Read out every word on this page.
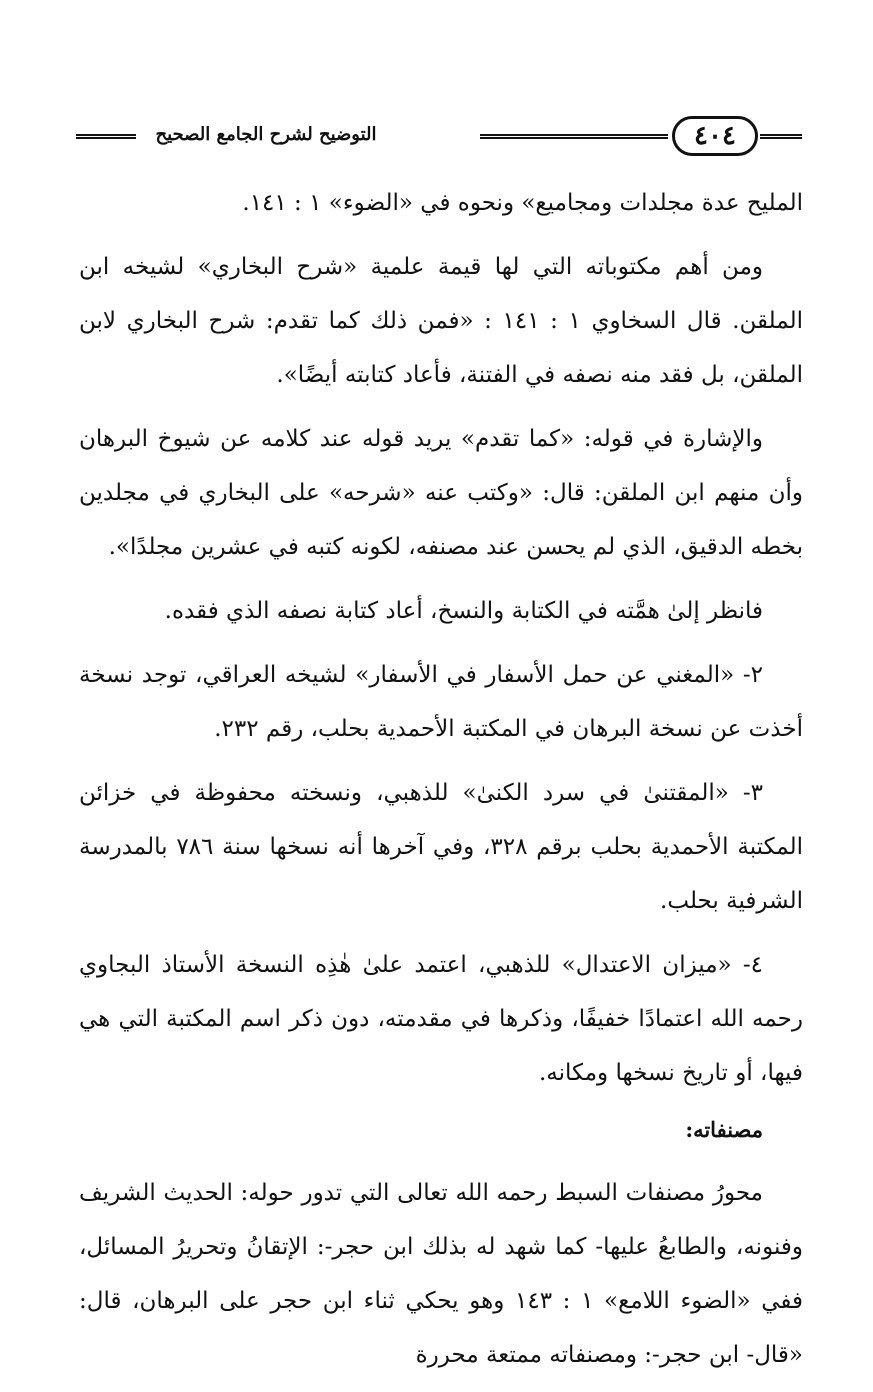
٤٠٤
التوضيح لشرح الجامع الصحيح

المليح عدة مجلدات ومجاميع» ونحوه في «الضوء» ١ : ١٤١.

ومن أهم مكتوباته التي لها قيمة علمية «شرح البخاري» لشيخه ابن الملقن. قال السخاوي ١ : ١٤١ : «فمن ذلك كما تقدم: شرح البخاري لابن الملقن، بل فقد منه نصفه في الفتنة، فأعاد كتابته أيضًا».

والإشارة في قوله: «كما تقدم» يريد قوله عند كلامه عن شيوخ البرهان وأن منهم ابن الملقن: قال: «وكتب عنه «شرحه» على البخاري في مجلدين بخطه الدقيق، الذي لم يحسن عند مصنفه، لكونه كتبه في عشرين مجلدًا».

فانظر إلىٰ همَّته في الكتابة والنسخ، أعاد كتابة نصفه الذي فقده.

٢- «المغني عن حمل الأسفار في الأسفار» لشيخه العراقي، توجد نسخة أخذت عن نسخة البرهان في المكتبة الأحمدية بحلب، رقم ٢٣٢.

٣- «المقتنىٰ في سرد الكنىٰ» للذهبي، ونسخته محفوظة في خزائن المكتبة الأحمدية بحلب برقم ٣٢٨، وفي آخرها أنه نسخها سنة ٧٨٦ بالمدرسة الشرفية بحلب.

٤- «ميزان الاعتدال» للذهبي، اعتمد علىٰ هٰذِه النسخة الأستاذ البجاوي رحمه الله اعتمادًا خفيفًا، وذكرها في مقدمته، دون ذكر اسم المكتبة التي هي فيها، أو تاريخ نسخها ومكانه.

مصنفاته:

محورُ مصنفات السبط رحمه الله تعالى التي تدور حوله: الحديث الشريف وفنونه، والطابعُ عليها- كما شهد له بذلك ابن حجر-: الإتقانُ وتحريرُ المسائل، ففي «الضوء اللامع» ١ : ١٤٣ وهو يحكي ثناء ابن حجر على البرهان، قال: «قال- ابن حجر-: ومصنفاته ممتعة محررة
